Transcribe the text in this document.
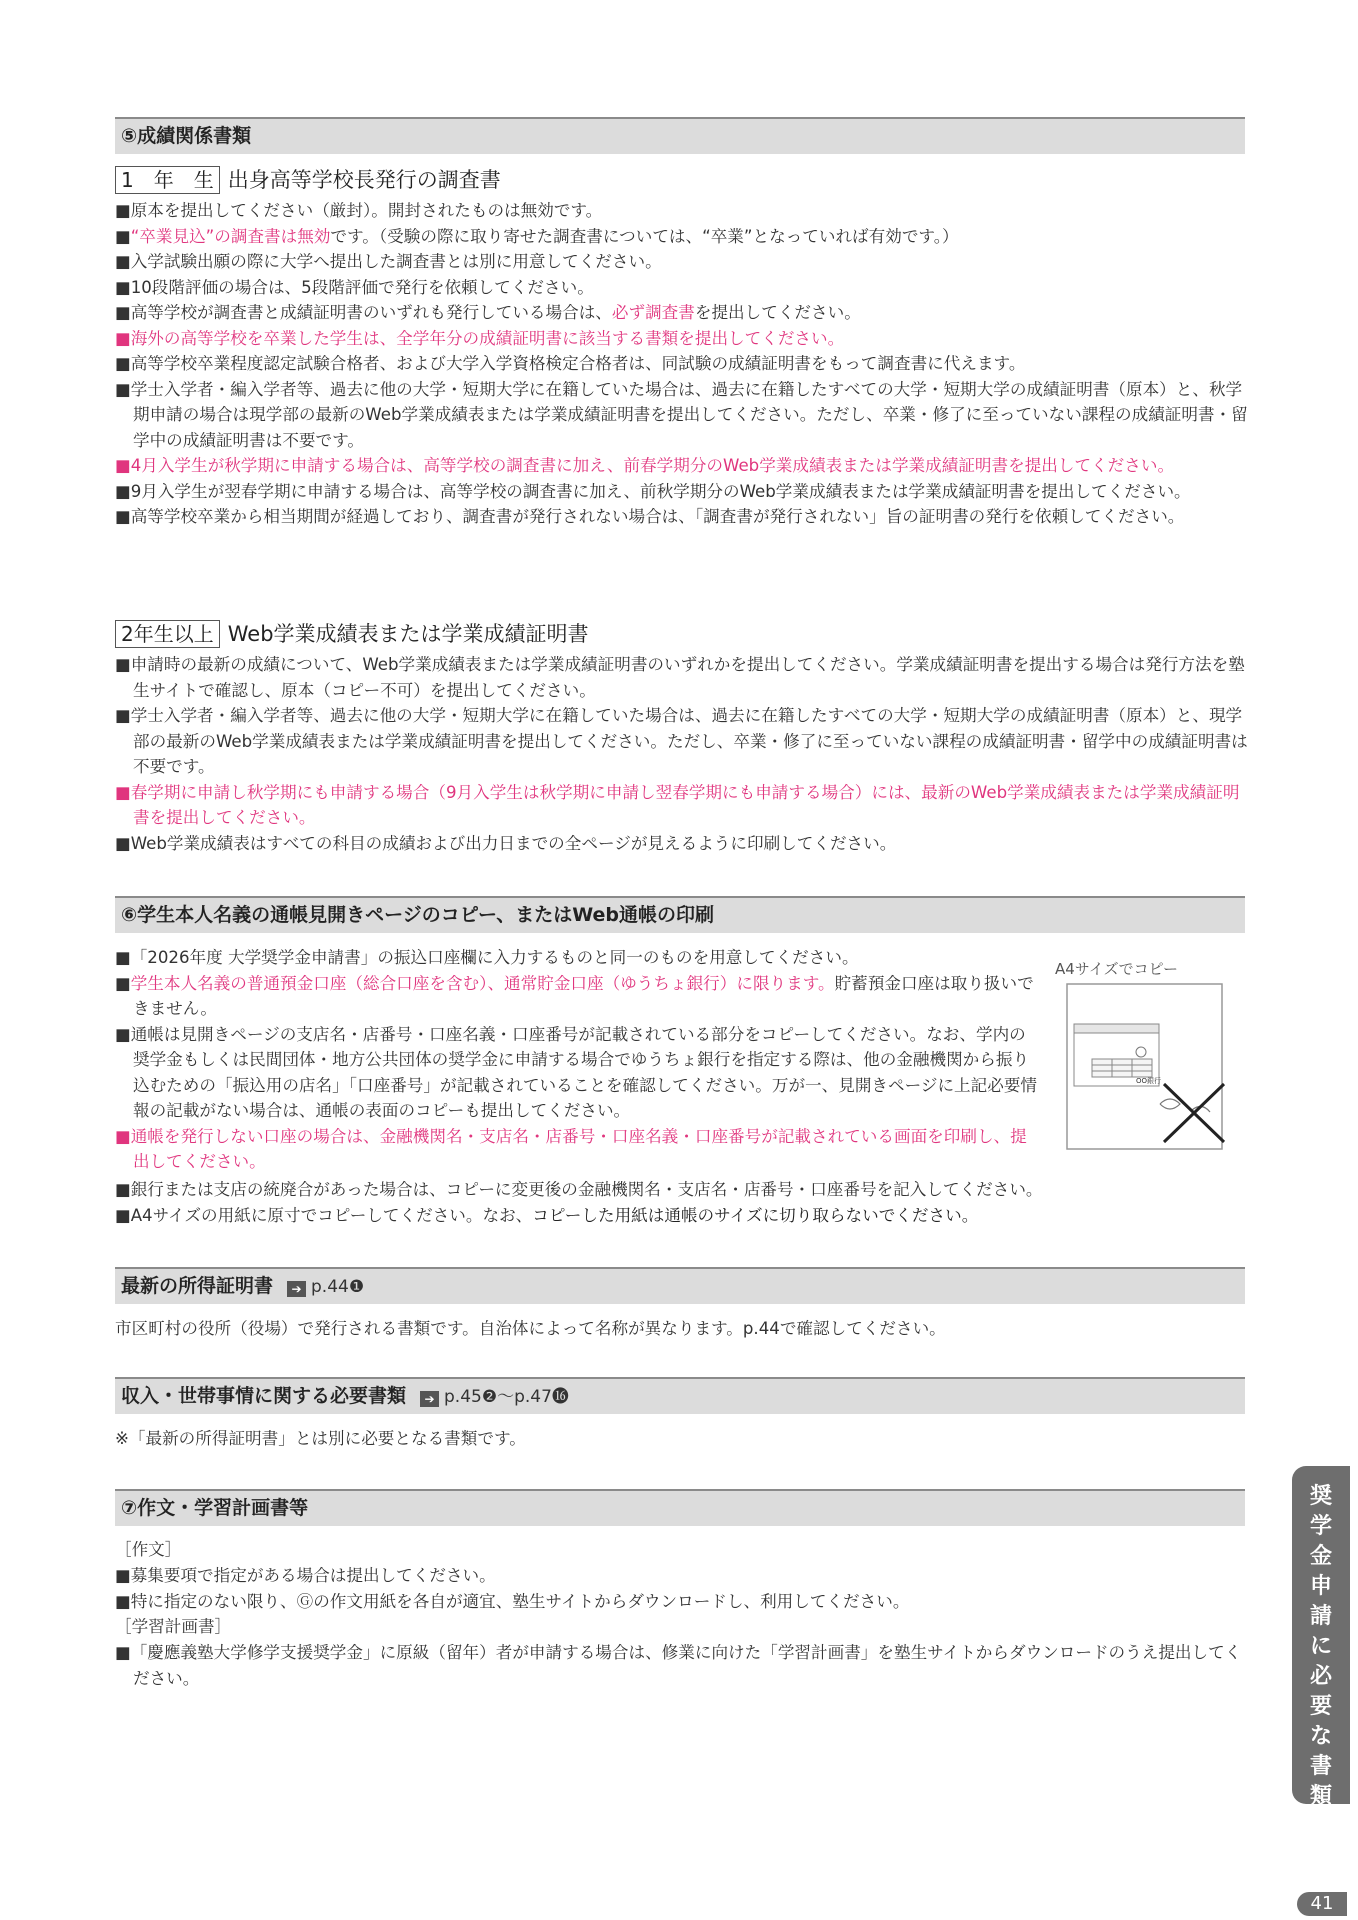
⑤成績関係書類
1　年　生 出身高等学校長発行の調査書
■原本を提出してください（厳封）。開封されたものは無効です。
■“卒業見込”の調査書は無効です。（受験の際に取り寄せた調査書については、“卒業”となっていれば有効です。）
■入学試験出願の際に大学へ提出した調査書とは別に用意してください。
■10段階評価の場合は、5段階評価で発行を依頼してください。
■高等学校が調査書と成績証明書のいずれも発行している場合は、必ず調査書を提出してください。
■海外の高等学校を卒業した学生は、全学年分の成績証明書に該当する書類を提出してください。
■高等学校卒業程度認定試験合格者、および大学入学資格検定合格者は、同試験の成績証明書をもって調査書に代えます。
■学士入学者・編入学者等、過去に他の大学・短期大学に在籍していた場合は、過去に在籍したすべての大学・短期大学の成績証明書（原本）と、秋学期申請の場合は現学部の最新のWeb学業成績表または学業成績証明書を提出してください。ただし、卒業・修了に至っていない課程の成績証明書・留学中の成績証明書は不要です。
■4月入学生が秋学期に申請する場合は、高等学校の調査書に加え、前春学期分のWeb学業成績表または学業成績証明書を提出してください。
■9月入学生が翌春学期に申請する場合は、高等学校の調査書に加え、前秋学期分のWeb学業成績表または学業成績証明書を提出してください。
■高等学校卒業から相当期間が経過しており、調査書が発行されない場合は、「調査書が発行されない」旨の証明書の発行を依頼してください。
2年生以上 Web学業成績表または学業成績証明書
■申請時の最新の成績について、Web学業成績表または学業成績証明書のいずれかを提出してください。学業成績証明書を提出する場合は発行方法を塾生サイトで確認し、原本（コピー不可）を提出してください。
■学士入学者・編入学者等、過去に他の大学・短期大学に在籍していた場合は、過去に在籍したすべての大学・短期大学の成績証明書（原本）と、現学部の最新のWeb学業成績表または学業成績証明書を提出してください。ただし、卒業・修了に至っていない課程の成績証明書・留学中の成績証明書は不要です。
■春学期に申請し秋学期にも申請する場合（9月入学生は秋学期に申請し翌春学期にも申請する場合）には、最新のWeb学業成績表または学業成績証明書を提出してください。
■Web学業成績表はすべての科目の成績および出力日までの全ページが見えるように印刷してください。
⑥学生本人名義の通帳見開きページのコピー、またはWeb通帳の印刷
■「2026年度 大学奨学金申請書」の振込口座欄に入力するものと同一のものを用意してください。
■学生本人名義の普通預金口座（総合口座を含む）、通常貯金口座（ゆうちょ銀行）に限ります。貯蓄預金口座は取り扱いできません。
■通帳は見開きページの支店名・店番号・口座名義・口座番号が記載されている部分をコピーしてください。なお、学内の奨学金もしくは民間団体・地方公共団体の奨学金に申請する場合でゆうちょ銀行を指定する際は、他の金融機関から振り込むための「振込用の店名」「口座番号」が記載されていることを確認してください。万が一、見開きページに上記必要情報の記載がない場合は、通帳の表面のコピーも提出してください。
■通帳を発行しない口座の場合は、金融機関名・支店名・店番号・口座名義・口座番号が記載されている画面を印刷し、提出してください。
■銀行または支店の統廃合があった場合は、コピーに変更後の金融機関名・支店名・店番号・口座番号を記入してください。
■A4サイズの用紙に原寸でコピーしてください。なお、コピーした用紙は通帳のサイズに切り取らないでください。
A4サイズでコピー
OO銀行
最新の所得証明書 ➔ p.44❶
市区町村の役所（役場）で発行される書類です。自治体によって名称が異なります。p.44で確認してください。
収入・世帯事情に関する必要書類 ➔ p.45❷〜p.47⓰
※「最新の所得証明書」とは別に必要となる書類です。
⑦作文・学習計画書等
［作文］
■募集要項で指定がある場合は提出してください。
■特に指定のない限り、Ⓖの作文用紙を各自が適宜、塾生サイトからダウンロードし、利用してください。
［学習計画書］
■「慶應義塾大学修学支援奨学金」に原級（留年）者が申請する場合は、修業に向けた「学習計画書」を塾生サイトからダウンロードのうえ提出してください。
奨
学
金
申
請
に
必
要
な
書
類
41
